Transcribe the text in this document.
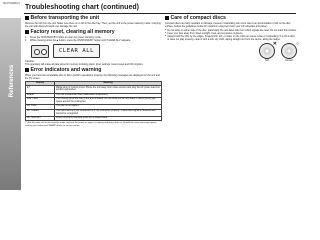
SD-PX1000(C)
Troubleshooting chart (continued)
References
Before transporting the unit

Remove the CD from the unit. Make sure there is no CD in the disc tray. Then, set the unit to the power stand-by mode. Carrying the unit with discs left inside can damage the unit.

Factory reset, clearing all memory
1	Press the ON/STAND-BY button to enter the power stand-by mode.
2	While pressing down the ■ button, press the ON/STAND-BY button until "CLEAR ALL" appears.
CLEAR ALL
Caution:

This operation will erase all data stored in memory including clock, timer settings, tuner preset and CD program.

Error indicators and warning

When you found an unreadable disc or fail to perform operations properly, the following messages are displayed on the unit and the TV screen.

Display	Meaning
E7	Malfunction of control circuit. Phone the unit away from noise sources and plug the AC power lead into another wall socket.
ERROR	The unit contains an iPod (malfunction is detected.)
FAN LOCK	The cooling fan at the rear of the unit is locked. Do not block the fan and leave 3 (feets) (4cm) gap space around the cooling fan.
NO DISC	The disc is not loaded.
NO SIGNAL	The input source is not connected or is not connected properly. Unspecified signal is received and cannot be recognized.
NO SUPPORT	When copyright protected WMA file is played back.

(*) Set the main unit to the stand-by mode and turn the power on again, or unplug and plug it back in. Should the same message appear, contact your authorised SHARP dealer or service centre.

Care of compact discs

Compact discs are fairly resistant to damage; however mistracking can occur due to an accumulation of dirt on the disc surface. Follow the guidelines below for maximum enjoyment from your CD collection and player.

● Do not write on either side of the disc, particularly the non-label side from which signals are read. Do not mark this surface.
● Keep your disc away from direct sunlight, heat, and excessive moisture.
● Always hold the CDs by the edges. Fingerprints, dirt, or water on the CDs can cause noise or mistracking. If a CD is dirty or does not play properly, clean it with a soft, dry cloth, wiping straight out from the centre, along the radius.
✕
NO
○
Correct
